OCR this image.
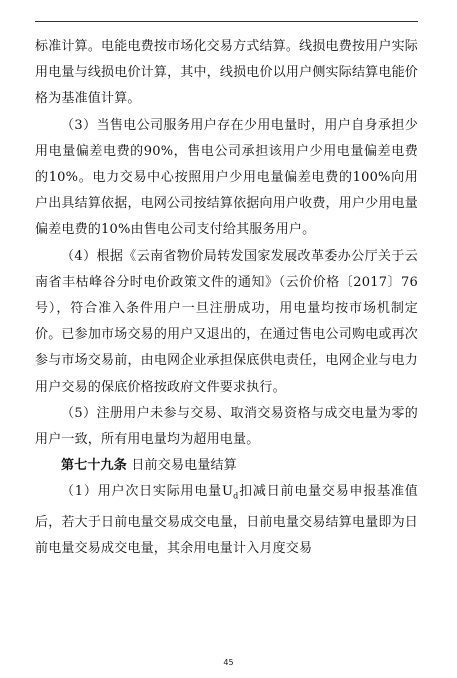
标准计算。电能电费按市场化交易方式结算。线损电费按用户实际用电量与线损电价计算，其中，线损电价以用户侧实际结算电能价格为基准值计算。

（3）当售电公司服务用户存在少用电量时，用户自身承担少用电量偏差电费的90%，售电公司承担该用户少用电量偏差电费的10%。电力交易中心按照用户少用电量偏差电费的100%向用户出具结算依据，电网公司按结算依据向用户收费，用户少用电量偏差电费的10%由售电公司支付给其服务用户。

（4）根据《云南省物价局转发国家发展改革委办公厅关于云南省丰枯峰谷分时电价政策文件的通知》（云价价格〔2017〕76号），符合准入条件用户一旦注册成功，用电量均按市场机制定价。已参加市场交易的用户又退出的，在通过售电公司购电或再次参与市场交易前，由电网企业承担保底供电责任，电网企业与电力用户交易的保底价格按政府文件要求执行。

（5）注册用户未参与交易、取消交易资格与成交电量为零的用户一致，所有用电量均为超用电量。

第七十九条 日前交易电量结算

（1）用户次日实际用电量$U_d$扣减日前电量交易申报基准值后，若大于日前电量交易成交电量，日前电量交易结算电量即为日前电量交易成交电量，其余用电量计入月度交易

45
